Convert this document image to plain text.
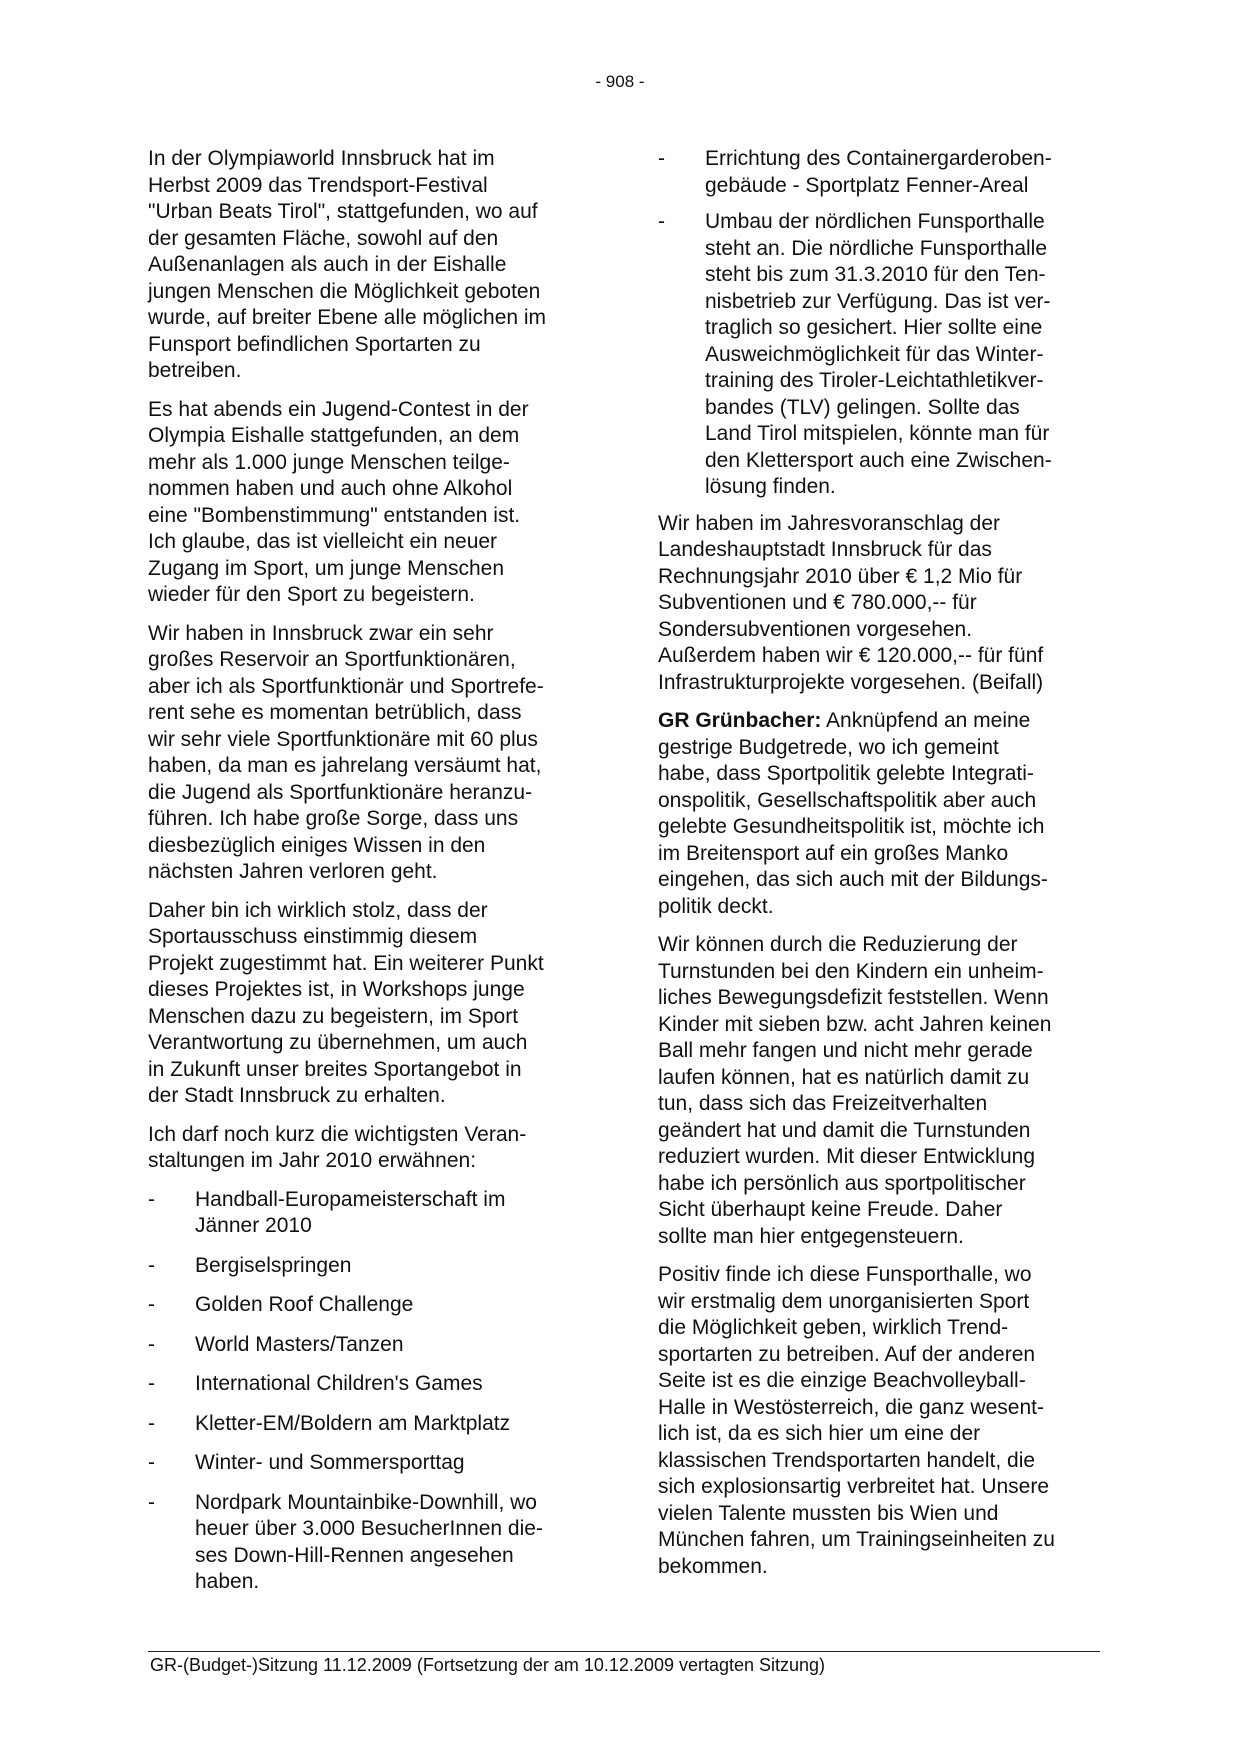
- 908 -

In der Olympiaworld Innsbruck hat im
Herbst 2009 das Trendsport-Festival
"Urban Beats Tirol", stattgefunden, wo auf
der gesamten Fläche, sowohl auf den
Außenanlagen als auch in der Eishalle
jungen Menschen die Möglichkeit geboten
wurde, auf breiter Ebene alle möglichen im
Funsport befindlichen Sportarten zu
betreiben.

Es hat abends ein Jugend-Contest in der
Olympia Eishalle stattgefunden, an dem
mehr als 1.000 junge Menschen teilge-
nommen haben und auch ohne Alkohol
eine "Bombenstimmung" entstanden ist.
Ich glaube, das ist vielleicht ein neuer
Zugang im Sport, um junge Menschen
wieder für den Sport zu begeistern.

Wir haben in Innsbruck zwar ein sehr
großes Reservoir an Sportfunktionären,
aber ich als Sportfunktionär und Sportrefe-
rent sehe es momentan betrüblich, dass
wir sehr viele Sportfunktionäre mit 60 plus
haben, da man es jahrelang versäumt hat,
die Jugend als Sportfunktionäre heranzu-
führen. Ich habe große Sorge, dass uns
diesbezüglich einiges Wissen in den
nächsten Jahren verloren geht.

Daher bin ich wirklich stolz, dass der
Sportausschuss einstimmig diesem
Projekt zugestimmt hat. Ein weiterer Punkt
dieses Projektes ist, in Workshops junge
Menschen dazu zu begeistern, im Sport
Verantwortung zu übernehmen, um auch
in Zukunft unser breites Sportangebot in
der Stadt Innsbruck zu erhalten.

Ich darf noch kurz die wichtigsten Veran-
staltungen im Jahr 2010 erwähnen:

- Handball-Europameisterschaft im
Jänner 2010
- Bergiselspringen
- Golden Roof Challenge
- World Masters/Tanzen
- International Children's Games
- Kletter-EM/Boldern am Marktplatz
- Winter- und Sommersporttag
- Nordpark Mountainbike-Downhill, wo
heuer über 3.000 BesucherInnen die-
ses Down-Hill-Rennen angesehen
haben.
- Errichtung des Containergarderoben-
gebäude - Sportplatz Fenner-Areal
- Umbau der nördlichen Funsporthalle
steht an. Die nördliche Funsporthalle
steht bis zum 31.3.2010 für den Ten-
nisbetrieb zur Verfügung. Das ist ver-
traglich so gesichert. Hier sollte eine
Ausweichmöglichkeit für das Winter-
training des Tiroler-Leichtathletikver-
bandes (TLV) gelingen. Sollte das
Land Tirol mitspielen, könnte man für
den Klettersport auch eine Zwischen-
lösung finden.

Wir haben im Jahresvoranschlag der
Landeshauptstadt Innsbruck für das
Rechnungsjahr 2010 über € 1,2 Mio für
Subventionen und € 780.000,-- für
Sondersubventionen vorgesehen.
Außerdem haben wir € 120.000,-- für fünf
Infrastrukturprojekte vorgesehen. (Beifall)

GR Grünbacher: Anknüpfend an meine
gestrige Budgetrede, wo ich gemeint
habe, dass Sportpolitik gelebte Integrati-
onspolitik, Gesellschaftspolitik aber auch
gelebte Gesundheitspolitik ist, möchte ich
im Breitensport auf ein großes Manko
eingehen, das sich auch mit der Bildungs-
politik deckt.

Wir können durch die Reduzierung der
Turnstunden bei den Kindern ein unheim-
liches Bewegungsdefizit feststellen. Wenn
Kinder mit sieben bzw. acht Jahren keinen
Ball mehr fangen und nicht mehr gerade
laufen können, hat es natürlich damit zu
tun, dass sich das Freizeitverhalten
geändert hat und damit die Turnstunden
reduziert wurden. Mit dieser Entwicklung
habe ich persönlich aus sportpolitischer
Sicht überhaupt keine Freude. Daher
sollte man hier entgegensteuern.

Positiv finde ich diese Funsporthalle, wo
wir erstmalig dem unorganisierten Sport
die Möglichkeit geben, wirklich Trend-
sportarten zu betreiben. Auf der anderen
Seite ist es die einzige Beachvolleyball-
Halle in Westösterreich, die ganz wesent-
lich ist, da es sich hier um eine der
klassischen Trendsportarten handelt, die
sich explosionsartig verbreitet hat. Unsere
vielen Talente mussten bis Wien und
München fahren, um Trainingseinheiten zu
bekommen.

GR-(Budget-)Sitzung 11.12.2009 (Fortsetzung der am 10.12.2009 vertagten Sitzung)
